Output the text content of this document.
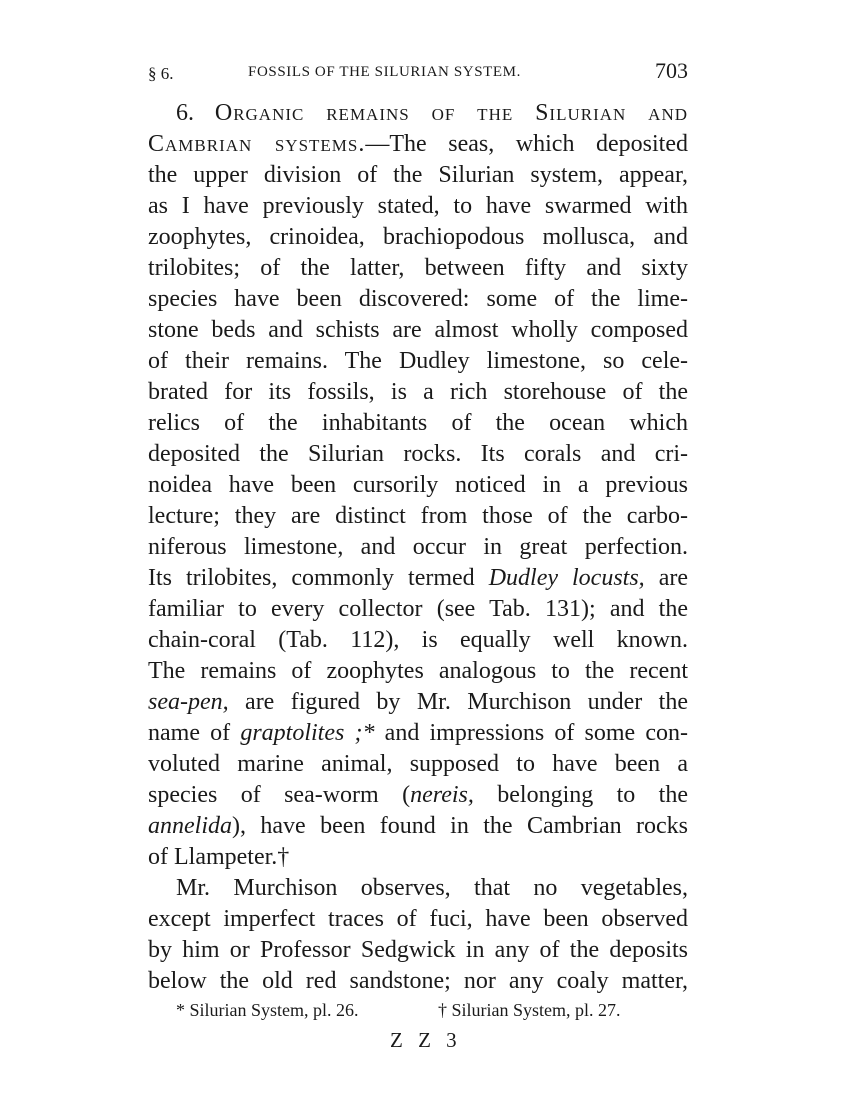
§ 6.	FOSSILS OF THE SILURIAN SYSTEM.	703
6. Organic remains of the Silurian and
Cambrian systems.—The seas, which deposited
the upper division of the Silurian system, appear,
as I have previously stated, to have swarmed with
zoophytes, crinoidea, brachiopodous mollusca, and
trilobites; of the latter, between fifty and sixty
species have been discovered: some of the lime-
stone beds and schists are almost wholly composed
of their remains. The Dudley limestone, so cele-
brated for its fossils, is a rich storehouse of the
relics of the inhabitants of the ocean which
deposited the Silurian rocks. Its corals and cri-
noidea have been cursorily noticed in a previous
lecture; they are distinct from those of the carbo-
niferous limestone, and occur in great perfection.
Its trilobites, commonly termed Dudley locusts, are
familiar to every collector (see Tab. 131); and the
chain-coral (Tab. 112), is equally well known.
The remains of zoophytes analogous to the recent
sea-pen, are figured by Mr. Murchison under the
name of graptolites ;* and impressions of some con-
voluted marine animal, supposed to have been a
species of sea-worm (nereis, belonging to the
annelida), have been found in the Cambrian rocks
of Llampeter.†
Mr. Murchison observes, that no vegetables,
except imperfect traces of fuci, have been observed
by him or Professor Sedgwick in any of the deposits
below the old red sandstone; nor any coaly matter,
* Silurian System, pl. 26.	† Silurian System, pl. 27.
Z Z 3
